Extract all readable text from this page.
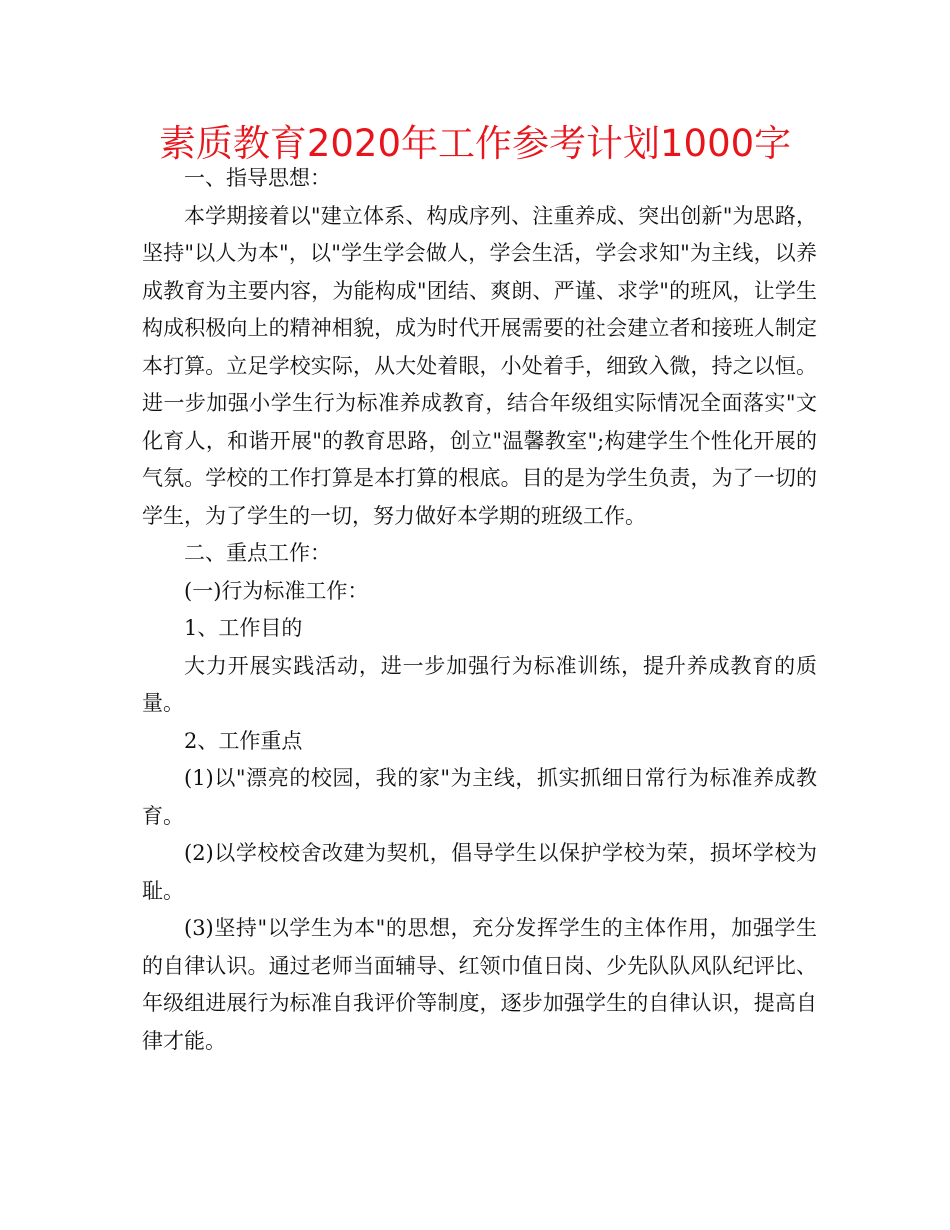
素质教育2020年工作参考计划1000字

一、指导思想：

本学期接着以"建立体系、构成序列、注重养成、突出创新"为思路，坚持"以人为本"，以"学生学会做人，学会生活，学会求知"为主线，以养成教育为主要内容，为能构成"团结、爽朗、严谨、求学"的班风，让学生构成积极向上的精神相貌，成为时代开展需要的社会建立者和接班人制定本打算。立足学校实际，从大处着眼，小处着手，细致入微，持之以恒。进一步加强小学生行为标准养成教育，结合年级组实际情况全面落实"文化育人，和谐开展"的教育思路，创立"温馨教室";构建学生个性化开展的气氛。学校的工作打算是本打算的根底。目的是为学生负责，为了一切的学生，为了学生的一切，努力做好本学期的班级工作。

二、重点工作：

(一)行为标准工作：

1、工作目的

大力开展实践活动，进一步加强行为标准训练，提升养成教育的质量。

2、工作重点

(1)以"漂亮的校园，我的家"为主线，抓实抓细日常行为标准养成教育。

(2)以学校校舍改建为契机，倡导学生以保护学校为荣，损坏学校为耻。

(3)坚持"以学生为本"的思想，充分发挥学生的主体作用，加强学生的自律认识。通过老师当面辅导、红领巾值日岗、少先队队风队纪评比、年级组进展行为标准自我评价等制度，逐步加强学生的自律认识，提高自律才能。
